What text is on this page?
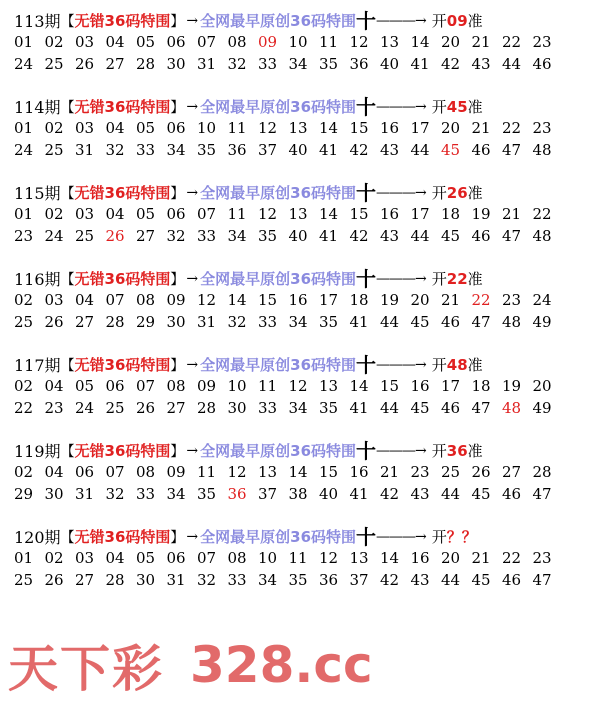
113期 【 无错36码特围 】 → 全网最早原创36码特围 十 ———→ 开 09 准
01 02 03 04 05 06 07 08 09 10 11 12 13 14 20 21 22 23
24 25 26 27 28 30 31 32 33 34 35 36 40 41 42 43 44 46
114期 【 无错36码特围 】 → 全网最早原创36码特围 十 ———→ 开 45 准
01 02 03 04 05 06 10 11 12 13 14 15 16 17 20 21 22 23
24 25 31 32 33 34 35 36 37 40 41 42 43 44 45 46 47 48
115期 【 无错36码特围 】 → 全网最早原创36码特围 十 ———→ 开 26 准
01 02 03 04 05 06 07 11 12 13 14 15 16 17 18 19 21 22
23 24 25 26 27 32 33 34 35 40 41 42 43 44 45 46 47 48
116期 【 无错36码特围 】 → 全网最早原创36码特围 十 ———→ 开 22 准
02 03 04 07 08 09 12 14 15 16 17 18 19 20 21 22 23 24
25 26 27 28 29 30 31 32 33 34 35 41 44 45 46 47 48 49
117期 【 无错36码特围 】 → 全网最早原创36码特围 十 ———→ 开 48 准
02 04 05 06 07 08 09 10 11 12 13 14 15 16 17 18 19 20
22 23 24 25 26 27 28 30 33 34 35 41 44 45 46 47 48 49
119期 【 无错36码特围 】 → 全网最早原创36码特围 十 ———→ 开 36 准
02 04 06 07 08 09 11 12 13 14 15 16 21 23 25 26 27 28
29 30 31 32 33 34 35 36 37 38 40 41 42 43 44 45 46 47
120期 【 无错36码特围 】 → 全网最早原创36码特围 十 ———→ 开 ？？
01 02 03 04 05 06 07 08 10 11 12 13 14 16 20 21 22 23
25 26 27 28 30 31 32 33 34 35 36 37 42 43 44 45 46 47
天下彩 328.cc
